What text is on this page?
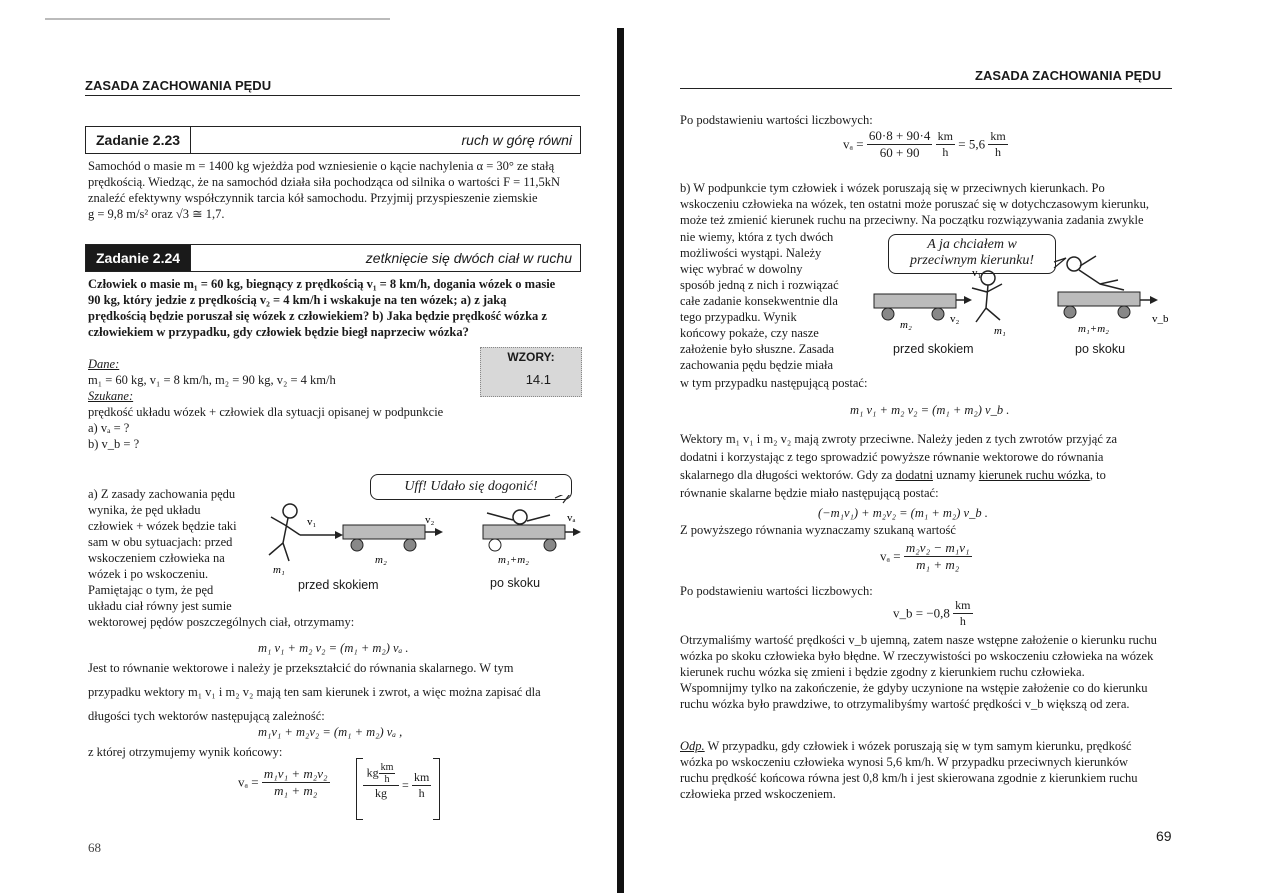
ZASADA ZACHOWANIA PĘDU
Zadanie 2.23	ruch w górę równi

Samochód o masie m = 1400 kg wjeżdża pod wzniesienie o kącie nachylenia α = 30° ze stałą

prędkością. Wiedząc, że na samochód działa siła pochodząca od silnika o wartości F = 11,5kN

znaleźć efektywny współczynnik tarcia kół samochodu. Przyjmij przyspieszenie ziemskie

g = 9,8 m/s² oraz √3 ≅ 1,7.

Zadanie 2.24	zetknięcie się dwóch ciał w ruchu

Człowiek o masie m₁ = 60 kg, biegnący z prędkością v₁ = 8 km/h, dogania wózek o masie

90 kg, który jedzie z prędkością v₂ = 4 km/h i wskakuje na ten wózek; a) z jaką

prędkością będzie poruszał się wózek z człowiekiem? b) Jaka będzie prędkość wózka z

człowiekiem w przypadku, gdy człowiek będzie biegł naprzeciw wózka?

WZORY:
14.1

Dane:

m₁ = 60 kg, v₁ = 8 km/h, m₂ = 90 kg, v₂ = 4 km/h

Szukane:

prędkość układu wózek + człowiek dla sytuacji opisanej w podpunkcie

a) vₐ = ?

b) v_b = ?

a) Z zasady zachowania pędu

wynika, że pęd układu

człowiek + wózek będzie taki

sam w obu sytuacjach: przed

wskoczeniem człowieka na

wózek i po wskoczeniu.

Pamiętając o tym, że pęd

układu ciał równy jest sumie

wektorowej pędów poszczególnych ciał, otrzymamy:
Uff! Udało się dogonić!
v₁	v₂	vₐ
m₂
m₁
m₁+m₂
przed skokiem	po skoku
m₁ v₁ + m₂ v₂ = (m₁ + m₂) vₐ .

Jest to równanie wektorowe i należy je przekształcić do równania skalarnego. W tym

przypadku wektory m₁ v₁ i m₂ v₂ mają ten sam kierunek i zwrot, a więc można zapisać dla

długości tych wektorów następującą zależność:

m₁v₁ + m₂v₂ = (m₁ + m₂) vₐ ,
z której otrzymujemy wynik końcowy:
$v_a = \frac{\text{m₁v₁ + m₂v₂}}{\text{m₁ + m₂}}$	kg $\frac{km}{h}$
kg
= $\frac{km}{h}$
68
ZASADA ZACHOWANIA PĘDU
Po podstawieniu wartości liczbowych:
$v_a = \frac{60\cdot 8 + 90\cdot 4}{60 + 90}$
$\frac{km}{h} = 5,6 \frac{km}{h}$

b) W podpunkcie tym człowiek i wózek poruszają się w przeciwnych kierunkach. Po

wskoczeniu człowieka na wózek, ten ostatni może poruszać się w dotychczasowym kierunku,

może też zmienić kierunek ruchu na przeciwny. Na początku rozwiązywania zadania zwykle

nie wiemy, która z tych dwóch

możliwości wystąpi. Należy

więc wybrać w dowolny

sposób jedną z nich i rozwiązać

całe zadanie konsekwentnie dla

tego przypadku. Wynik

końcowy pokaże, czy nasze

założenie było słuszne. Zasada

zachowania pędu będzie miała

w tym przypadku następującą postać:
A ja chciałem w
przeciwnym kierunku!
v₁
v₂	v_b
m₂	m₁	m₁+m₂
przed skokiem	po skoku
m₁ v₁ + m₂ v₂ = (m₁ + m₂) v_b .

Wektory m₁ v₁ i m₂ v₂ mają zwroty przeciwne. Należy jeden z tych zwrotów przyjąć za

dodatni i korzystając z tego sprowadzić powyższe równanie wektorowe do równania

skalarnego dla długości wektorów. Gdy za dodatni uznamy kierunek ruchu wózka, to

równanie skalarne będzie miało następującą postać:

(−m₁v₁) + m₂v₂ = (m₁ + m₂) v_b .
Z powyższego równania wyznaczamy szukaną wartość
$v_a = \frac{\text{m₂v₂ − m₁v₁}}{\text{m₁ + m₂}}$
Po podstawieniu wartości liczbowych:
v_b = $-0,8 \frac{km}{h}$

Otrzymaliśmy wartość prędkości v_b ujemną, zatem nasze wstępne założenie o kierunku ruchu

wózka po skoku człowieka było błędne. W rzeczywistości po wskoczeniu człowieka na wózek

kierunek ruchu wózka się zmieni i będzie zgodny z kierunkiem ruchu człowieka.

Wspomnijmy tylko na zakończenie, że gdyby uczynione na wstępie założenie co do kierunku

ruchu wózka było prawdziwe, to otrzymalibyśmy wartość prędkości v_b większą od zera.

Odp. W przypadku, gdy człowiek i wózek poruszają się w tym samym kierunku, prędkość

wózka po wskoczeniu człowieka wynosi 5,6 km/h. W przypadku przeciwnych kierunków

ruchu prędkość końcowa równa jest 0,8 km/h i jest skierowana zgodnie z kierunkiem ruchu

człowieka przed wskoczeniem.

69
